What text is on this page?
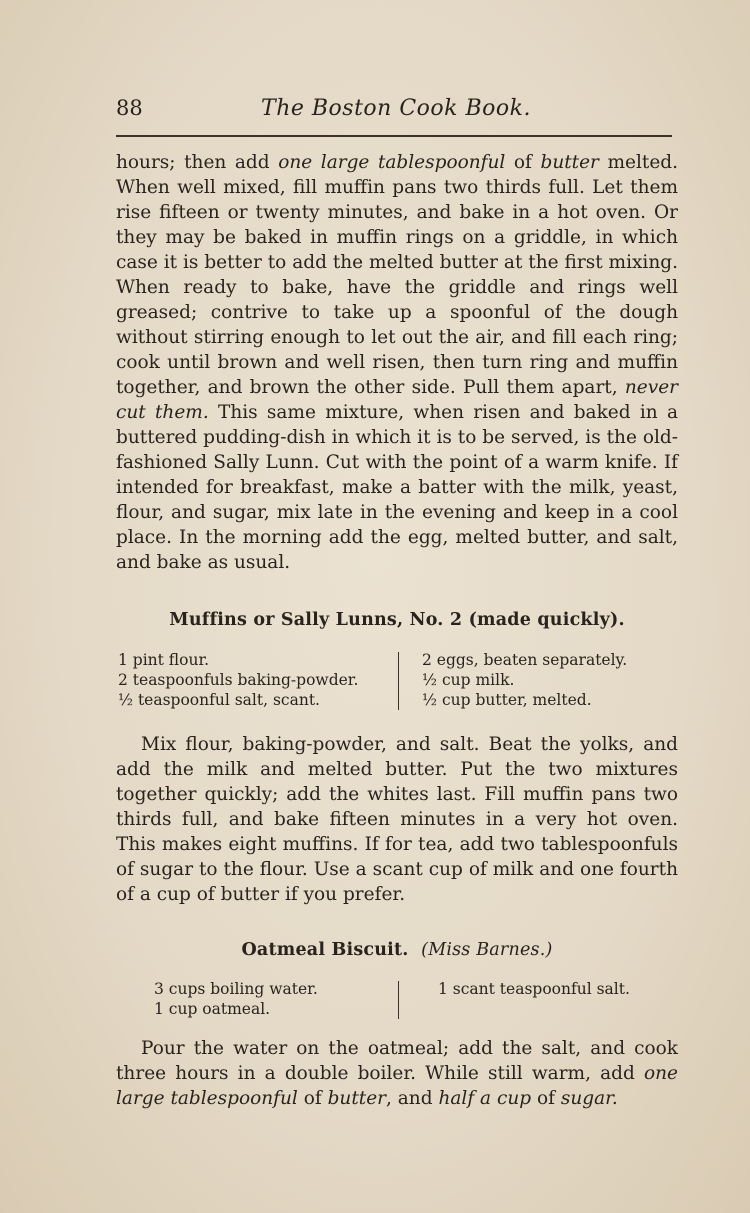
88	The Boston Cook Book.

hours; then add one large tablespoonful of butter melted. When well mixed, fill muffin pans two thirds full. Let them rise fifteen or twenty minutes, and bake in a hot oven. Or they may be baked in muffin rings on a griddle, in which case it is better to add the melted butter at the first mixing. When ready to bake, have the griddle and rings well greased; contrive to take up a spoonful of the dough without stirring enough to let out the air, and fill each ring; cook until brown and well risen, then turn ring and muffin together, and brown the other side. Pull them apart, never cut them. This same mixture, when risen and baked in a buttered pudding-dish in which it is to be served, is the old-fashioned Sally Lunn. Cut with the point of a warm knife. If intended for breakfast, make a batter with the milk, yeast, flour, and sugar, mix late in the evening and keep in a cool place. In the morning add the egg, melted butter, and salt, and bake as usual.

Muffins or Sally Lunns, No. 2 (made quickly).
1 pint flour.
2 teaspoonfuls baking-powder.
½ teaspoonful salt, scant.
2 eggs, beaten separately.
½ cup milk.
½ cup butter, melted.

Mix flour, baking-powder, and salt. Beat the yolks, and add the milk and melted butter. Put the two mixtures together quickly; add the whites last. Fill muffin pans two thirds full, and bake fifteen minutes in a very hot oven. This makes eight muffins. If for tea, add two tablespoonfuls of sugar to the flour. Use a scant cup of milk and one fourth of a cup of butter if you prefer.

Oatmeal Biscuit. (Miss Barnes.)
3 cups boiling water.
1 cup oatmeal.
1 scant teaspoonful salt.

Pour the water on the oatmeal; add the salt, and cook three hours in a double boiler. While still warm, add one large tablespoonful of butter, and half a cup of sugar.
